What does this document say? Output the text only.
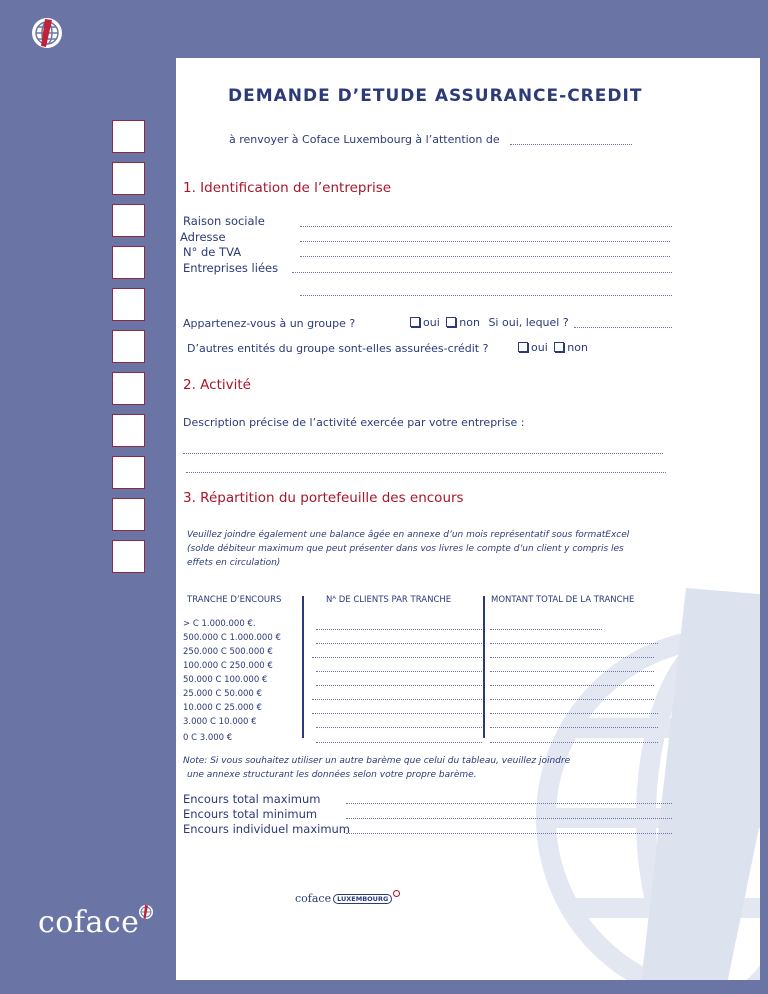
coface
DEMANDE D’ETUDE ASSURANCE-CREDIT
à renvoyer à Coface Luxembourg à l’attention de
1. Identification de l’entreprise
Raison sociale
Adresse
N° de TVA
Entreprises liées
Appartenez-vous à un groupe ?	oui non Si oui, lequel ?
D’autres entités du groupe sont-elles assurées-crédit ?	oui non
2. Activité
Description précise de l’activité exercée par votre entreprise :
3. Répartition du portefeuille des encours
Veuillez joindre également une balance âgée en annexe d’un mois représentatif sous formatExcel
(solde débiteur maximum que peut présenter dans vos livres le compte d’un client y compris les
effets en circulation)
TRANCHE D’ENCOURS	Nᴬ DE CLIENTS PAR TRANCHE	MONTANT TOTAL DE LA TRANCHE
> C 1.000.000 €.
500.000 C 1.000.000 €
250.000 C 500.000 €
100.000 C 250.000 €
50.000 C 100.000 €
25.000 C 50.000 €
10.000 C 25.000 €
3.000 C 10.000 €
0 C 3.000 €
Note: Si vous souhaitez utiliser un autre barème que celui du tableau, veuillez joindre
une annexe structurant les données selon votre propre barème.
Encours total maximum
Encours total minimum
Encours individuel maximum
coface LUXEMBOURG
